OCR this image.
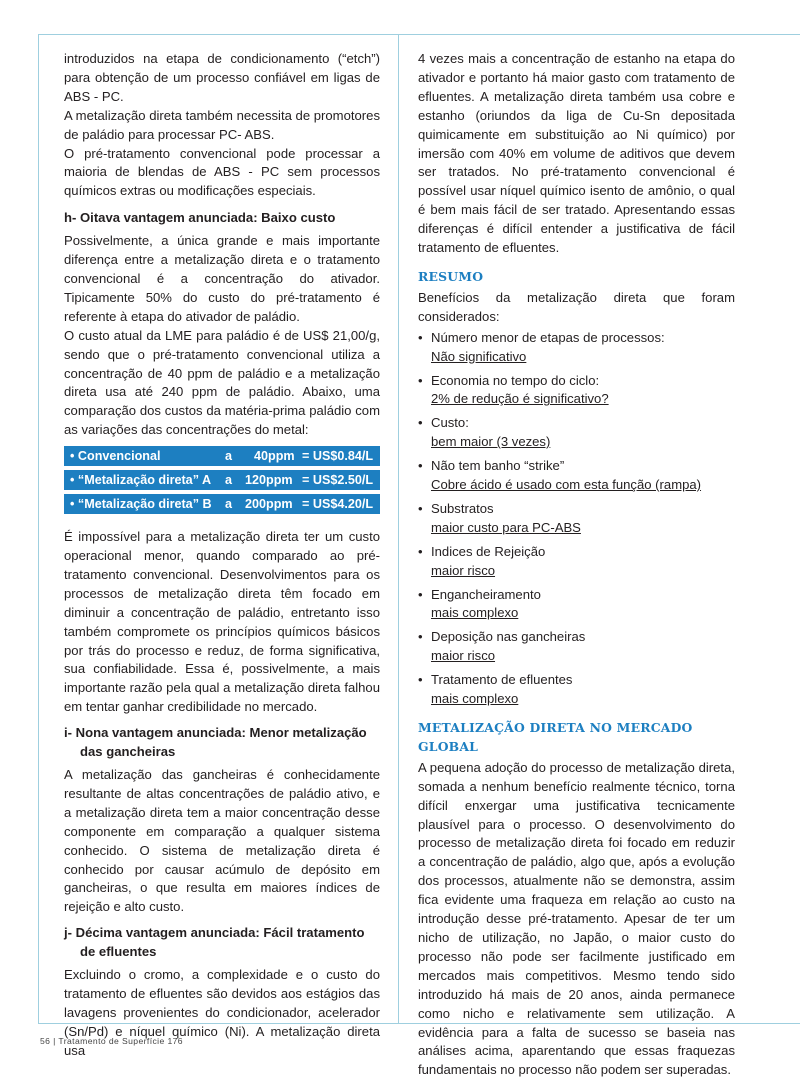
introduzidos na etapa de condicionamento (“etch”) para obtenção de um processo confiável em ligas de ABS - PC.

A metalização direta também necessita de promotores de paládio para processar PC- ABS.

O pré-tratamento convencional pode processar a maioria de blendas de ABS - PC sem processos químicos extras ou modificações especiais.

h- Oitava vantagem anunciada: Baixo custo

Possivelmente, a única grande e mais importante diferença entre a metalização direta e o tratamento convencional é a concentração do ativador. Tipicamente 50% do custo do pré-tratamento é referente à etapa do ativador de paládio.

O custo atual da LME para paládio é de US$ 21,00/g, sendo que o pré-tratamento convencional utiliza a concentração de 40 ppm de paládio e a metalização direta usa até 240 ppm de paládio. Abaixo, uma comparação dos custos da matéria-prima paládio com as variações das concentrações do metal:

• Convencional	a 40ppm = US$0.84/L
• “Metalização direta” A a 120ppm = US$2.50/L
• “Metalização direta” B a 200ppm = US$4.20/L

É impossível para a metalização direta ter um custo operacional menor, quando comparado ao pré-tratamento convencional. Desenvolvimentos para os processos de metalização direta têm focado em diminuir a concentração de paládio, entretanto isso também compromete os princípios químicos básicos por trás do processo e reduz, de forma significativa, sua confiabilidade. Essa é, possivelmente, a mais importante razão pela qual a metalização direta falhou em tentar ganhar credibilidade no mercado.

i- Nona vantagem anunciada: Menor metalização das gancheiras

A metalização das gancheiras é conhecidamente resultante de altas concentrações de paládio ativo, e a metalização direta tem a maior concentração desse componente em comparação a qualquer sistema conhecido. O sistema de metalização direta é conhecido por causar acúmulo de depósito em gancheiras, o que resulta em maiores índices de rejeição e alto custo.

j- Décima vantagem anunciada: Fácil tratamento de efluentes

Excluindo o cromo, a complexidade e o custo do tratamento de efluentes são devidos aos estágios das lavagens provenientes do condicionador, acelerador (Sn/Pd) e níquel químico (Ni). A metalização direta usa

4 vezes mais a concentração de estanho na etapa do ativador e portanto há maior gasto com tratamento de efluentes. A metalização direta também usa cobre e estanho (oriundos da liga de Cu-Sn depositada quimicamente em substituição ao Ni químico) por imersão com 40% em volume de aditivos que devem ser tratados. No pré-tratamento convencional é possível usar níquel químico isento de amônio, o qual é bem mais fácil de ser tratado. Apresentando essas diferenças é difícil entender a justificativa de fácil tratamento de efluentes.

RESUMO

Benefícios da metalização direta que foram considerados:

• Número menor de etapas de processos:
Não significativo
• Economia no tempo do ciclo:
2% de redução é significativo?
• Custo:
bem maior (3 vezes)
• Não tem banho “strike”
Cobre ácido é usado com esta função (rampa)
• Substratos
maior custo para PC-ABS
• Indices de Rejeição
maior risco
• Engancheiramento
mais complexo
• Deposição nas gancheiras
maior risco
• Tratamento de efluentes
mais complexo

METALIZAÇÃO DIRETA NO MERCADO GLOBAL

A pequena adoção do processo de metalização direta, somada a nenhum benefício realmente técnico, torna difícil enxergar uma justificativa tecnicamente plausível para o processo. O desenvolvimento do processo de metalização direta foi focado em reduzir a concentração de paládio, algo que, após a evolução dos processos, atualmente não se demonstra, assim fica evidente uma fraqueza em relação ao custo na introdução desse pré-tratamento. Apesar de ter um nicho de utilização, no Japão, o maior custo do processo não pode ser facilmente justificado em mercados mais competitivos. Mesmo tendo sido introduzido há mais de 20 anos, ainda permanece como nicho e relativamente sem utilização. A evidência para a falta de sucesso se baseia nas análises acima, aparentando que essas fraquezas fundamentais no processo não podem ser superadas.

56 | Tratamento de Superfície 176
